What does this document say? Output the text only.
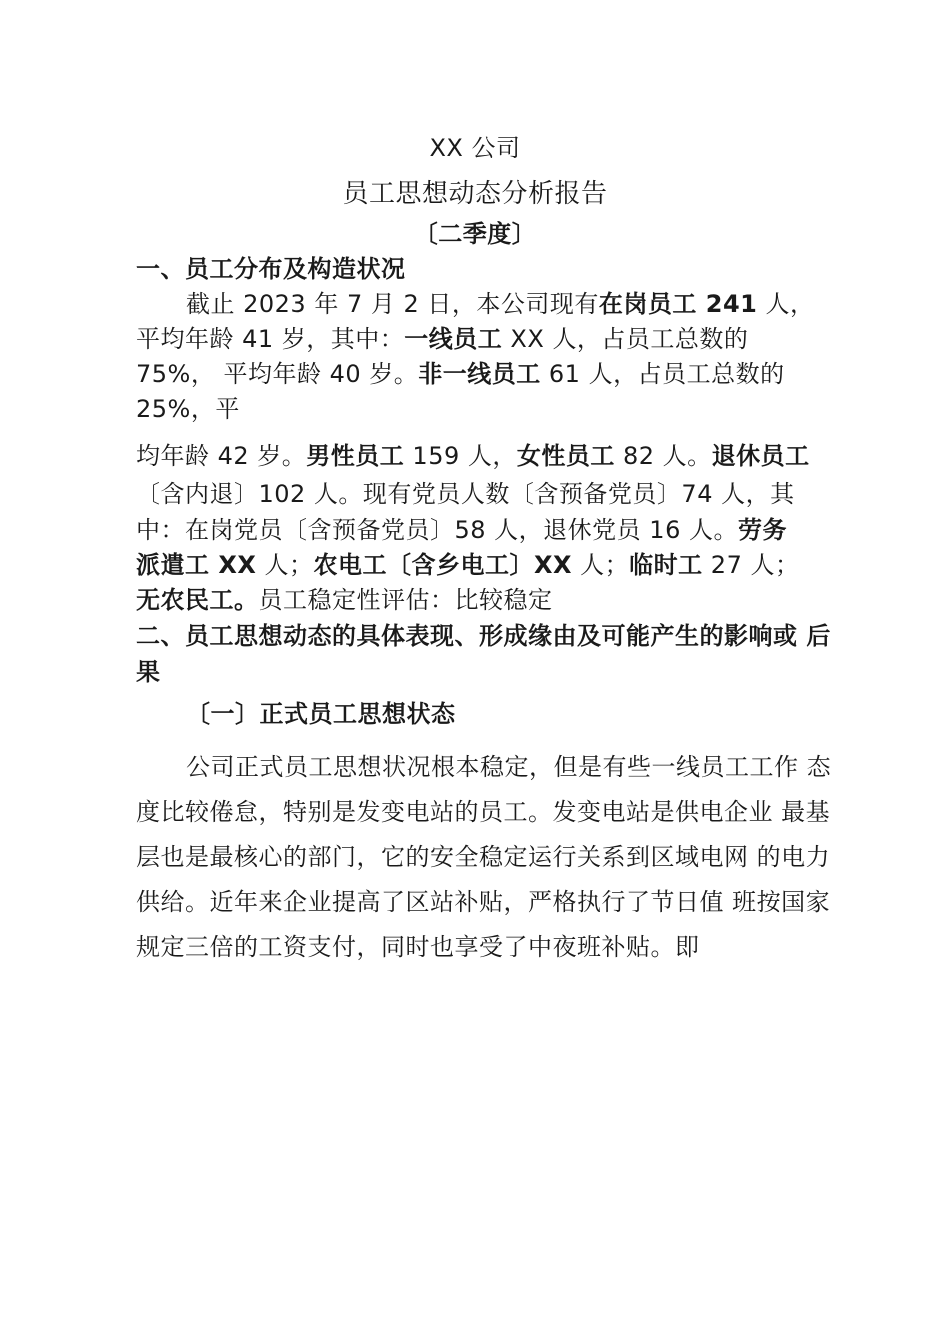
XX 公司
员工思想动态分析报告
〔二季度〕
一、员工分布及构造状况
截止 2023 年 7 月 2 日，本公司现有在岗员工 241 人，
平均年龄 41 岁，其中：一线员工 XX 人，占员工总数的
75%， 平均年龄 40 岁。非一线员工 61 人，占员工总数的
25%，平
均年龄 42 岁。男性员工 159 人，女性员工 82 人。退休员工
〔含内退〕102 人。现有党员人数〔含预备党员〕74 人，其
中：在岗党员〔含预备党员〕58 人，退休党员 16 人。劳务
派遣工 XX 人；农电工〔含乡电工〕XX 人；临时工 27 人；
无农民工。员工稳定性评估：比较稳定
二、员工思想动态的具体表现、形成缘由及可能产生的影响或 后
果
〔一〕正式员工思想状态
公司正式员工思想状况根本稳定，但是有些一线员工工作 态
度比较倦怠，特别是发变电站的员工。发变电站是供电企业 最基
层也是最核心的部门，它的安全稳定运行关系到区域电网 的电力
供给。近年来企业提高了区站补贴，严格执行了节日值 班按国家
规定三倍的工资支付，同时也享受了中夜班补贴。即
